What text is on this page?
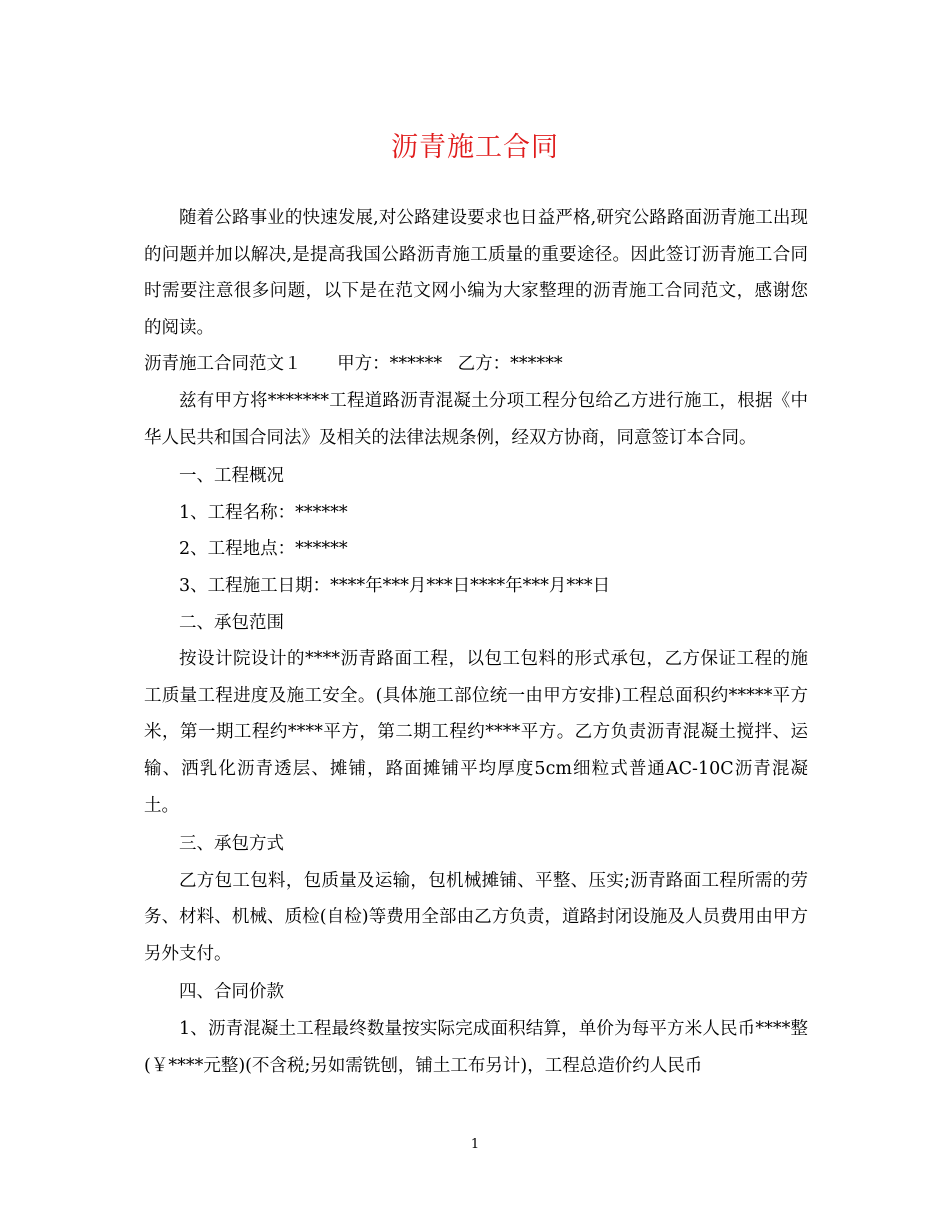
沥青施工合同

随着公路事业的快速发展,对公路建设要求也日益严格,研究公路路面沥青施工出现的问题并加以解决,是提高我国公路沥青施工质量的重要途径。因此签订沥青施工合同时需要注意很多问题，以下是在范文网小编为大家整理的沥青施工合同范文，感谢您的阅读。

沥青施工合同范文１ 甲方：****** 乙方：******

兹有甲方将*******工程道路沥青混凝土分项工程分包给乙方进行施工，根据《中华人民共和国合同法》及相关的法律法规条例，经双方协商，同意签订本合同。

一、工程概况

1、工程名称：******

2、工程地点：******

3、工程施工日期：****年***月***日****年***月***日

二、承包范围

按设计院设计的****沥青路面工程，以包工包料的形式承包，乙方保证工程的施工质量工程进度及施工安全。(具体施工部位统一由甲方安排)工程总面积约*****平方米，第一期工程约****平方，第二期工程约****平方。乙方负责沥青混凝土搅拌、运输、洒乳化沥青透层、摊铺，路面摊铺平均厚度5cm细粒式普通AC-10C沥青混凝土。

三、承包方式

乙方包工包料，包质量及运输，包机械摊铺、平整、压实;沥青路面工程所需的劳务、材料、机械、质检(自检)等费用全部由乙方负责，道路封闭设施及人员费用由甲方另外支付。

四、合同价款

1、沥青混凝土工程最终数量按实际完成面积结算，单价为每平方米人民币****整(￥****元整)(不含税;另如需铣刨，铺土工布另计)，工程总造价约人民币

1
